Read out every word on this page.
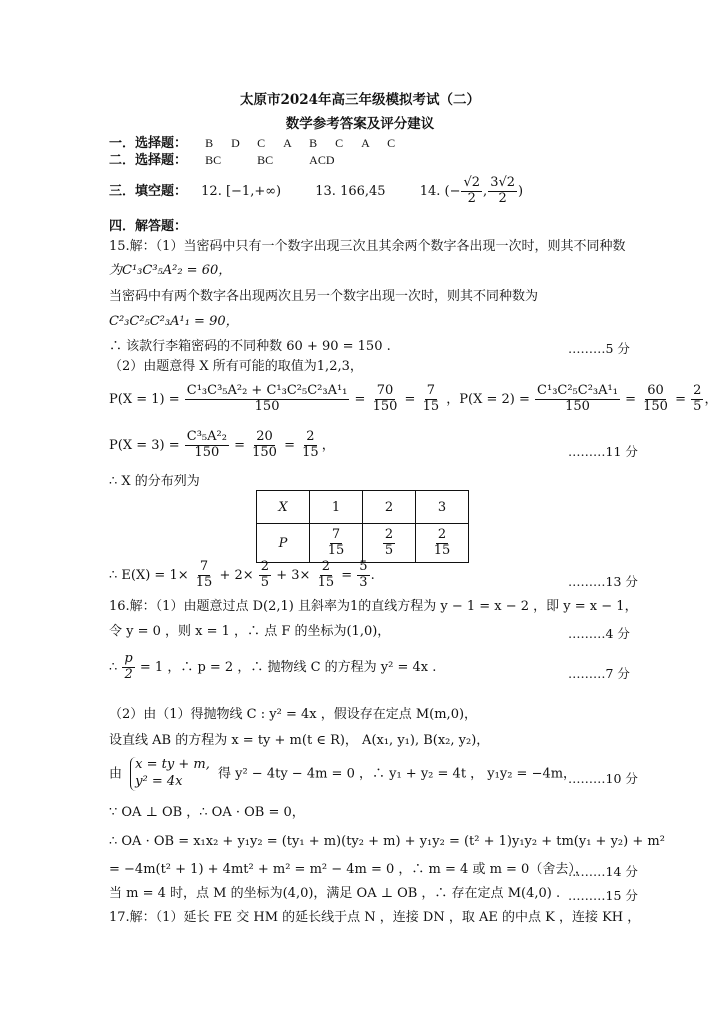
太原市2024年高三年级模拟考试（二）
数学参考答案及评分建议
一．选择题： B D C A B C A C
二．选择题： BC	BC	ACD
三．填空题： 12. [−1,+∞)	13. 166,45	14. (− $\frac{√2}{2}$ , $\frac{3√2}{2}$ )
四．解答题：
15.解：（1）当密码中只有一个数字出现三次且其余两个数字各出现一次时，则其不同种数
为C¹₃C³₅A²₂ = 60，
当密码中有两个数字各出现两次且另一个数字出现一次时，则其不同种数为
C²₃C²₅C²₃A¹₁ = 90，
∴ 该款行李箱密码的不同种数 60 + 90 = 150 .	………5 分
（2）由题意得 X 所有可能的取值为1,2,3，
$P(X = 1) = \frac{\text{C¹₃C³₅A²₂ + C¹₃C²₅C²₃A¹₁}}{150} = \frac{70}{150} = \frac{7}{15}$ ，$P(X = 2) = \frac{\text{C¹₃C²₅C²₃A¹₁}}{150} = \frac{60}{150} = \frac{2}{5}$ ，
$P(X = 3) = \frac{\text{C³₅A²₂}}{150} = \frac{20}{150} = \frac{2}{15}$ ，	………11 分
∴ X 的分布列为
X	1	2	3
P	$\frac{7}{15}$	$\frac{2}{5}$	$\frac{2}{15}$
∴ $E(X) = 1\times \frac{7}{15} + 2\times \frac{2}{5} + 3\times \frac{2}{15} = \frac{5}{3}$ .	………13 分
16.解：（1）由题意过点 D(2,1) 且斜率为1的直线方程为 y − 1 = x − 2 ，即 y = x − 1，
令 y = 0 ，则 x = 1 ，∴ 点 F 的坐标为(1,0)，	………4 分
∴ $\frac{p}{2} = 1$ ，∴ p = 2 ，∴ 抛物线 C 的方程为 y² = 4x .	………7 分
（2）由（1）得抛物线 C : y² = 4x ，假设存在定点 M(m,0)，
设直线 AB 的方程为 x = ty + m(t ∈ R)， A(x₁, y₁), B(x₂, y₂)，
由
x = ty + m,
y² = 4x	得 y² − 4ty − 4m = 0 ，∴ y₁ + y₂ = 4t ， y₁y₂ = −4m，
………10 分
∵ OA ⊥ OB ，∴ OA · OB = 0，
∴ OA · OB = x₁x₂ + y₁y₂ = (ty₁ + m)(ty₂ + m) + y₁y₂ = (t² + 1)y₁y₂ + tm(y₁ + y₂) + m²
= −4m(t² + 1) + 4mt² + m² = m² − 4m = 0 ，∴ m = 4 或 m = 0（舍去），
………14 分
当 m = 4 时，点 M 的坐标为(4,0)，满足 OA ⊥ OB ，∴ 存在定点 M(4,0) . ………15 分
17.解：（1）延长 FE 交 HM 的延长线于点 N ，连接 DN ，取 AE 的中点 K ，连接 KH ，
